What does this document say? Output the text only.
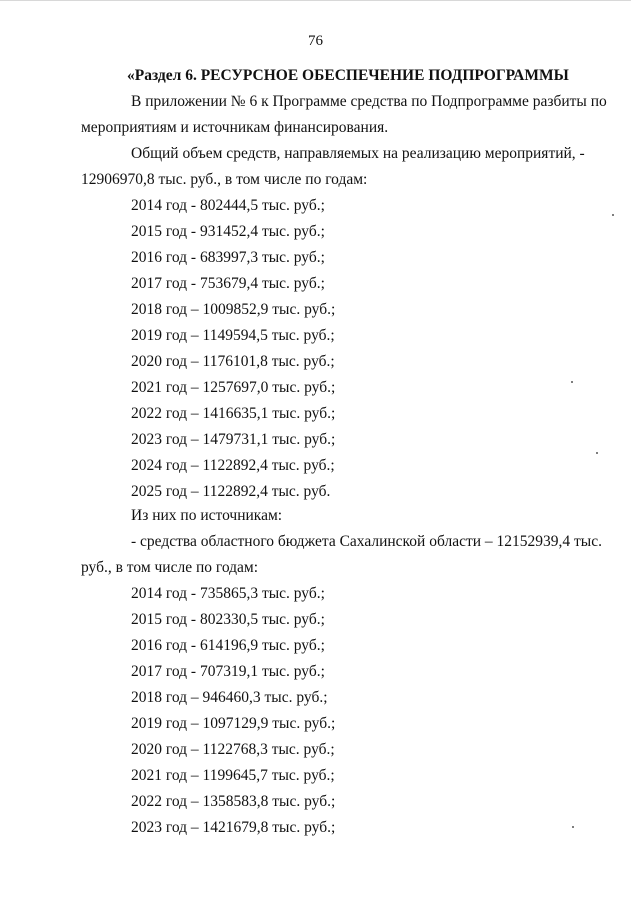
76
«Раздел 6. РЕСУРСНОЕ ОБЕСПЕЧЕНИЕ ПОДПРОГРАММЫ
В приложении № 6 к Программе средства по Подпрограмме разбиты по
мероприятиям и источникам финансирования.
Общий объем средств, направляемых на реализацию мероприятий, -
12906970,8 тыс. руб., в том числе по годам:
2014 год - 802444,5 тыс. руб.;
2015 год - 931452,4 тыс. руб.;
2016 год - 683997,3 тыс. руб.;
2017 год - 753679,4 тыс. руб.;
2018 год – 1009852,9 тыс. руб.;
2019 год – 1149594,5 тыс. руб.;
2020 год – 1176101,8 тыс. руб.;
2021 год – 1257697,0 тыс. руб.;
2022 год – 1416635,1 тыс. руб.;
2023 год – 1479731,1 тыс. руб.;
2024 год – 1122892,4 тыс. руб.;
2025 год – 1122892,4 тыс. руб.
Из них по источникам:
- средства областного бюджета Сахалинской области – 12152939,4 тыс.
руб., в том числе по годам:
2014 год - 735865,3 тыс. руб.;
2015 год - 802330,5 тыс. руб.;
2016 год - 614196,9 тыс. руб.;
2017 год - 707319,1 тыс. руб.;
2018 год – 946460,3 тыс. руб.;
2019 год – 1097129,9 тыс. руб.;
2020 год – 1122768,3 тыс. руб.;
2021 год – 1199645,7 тыс. руб.;
2022 год – 1358583,8 тыс. руб.;
2023 год – 1421679,8 тыс. руб.;
